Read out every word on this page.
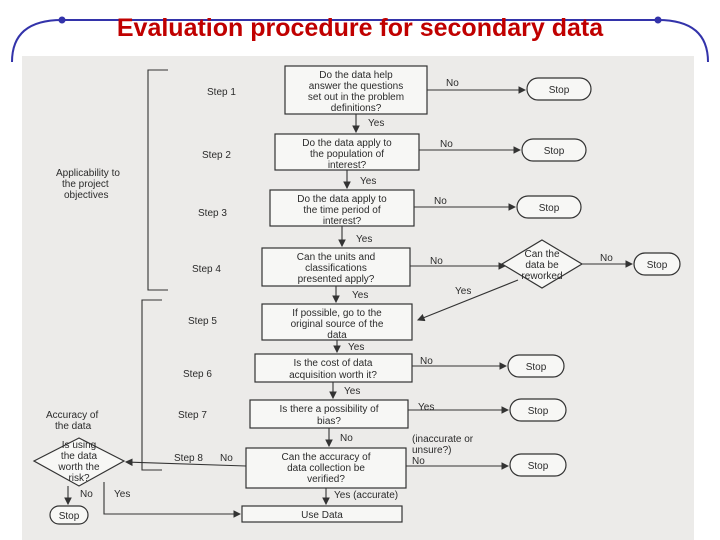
Evaluation procedure for secondary data
Step 1
Step 2
Step 3
Step 4
Step 5
Step 6
Step 7
Step 8 No
Applicability to
the project
objectives
Accuracy of
the data
Is using
the data
worth the
risk?
No Yes
Stop
Do the data help
answer the questions
set out in the problem
definitions?
No
Stop
Yes
Do the data apply to
the population of
interest?
No
Stop
Yes
Do the data apply to
the time period of
interest?
No
Stop
Yes
Can the units and
classifications
presented apply?
No
Can the
data be
reworked
No
Stop
Yes
Yes
If possible, go to the
original source of the
data
Yes
Is the cost of data
acquisition worth it?
No
Stop
Yes
Is there a possibility of
bias?
Yes	Stop
No
Can the accuracy of
data collection be
verified?
(inaccurate or
unsure?)
No	Stop
Yes (accurate)
Use Data
